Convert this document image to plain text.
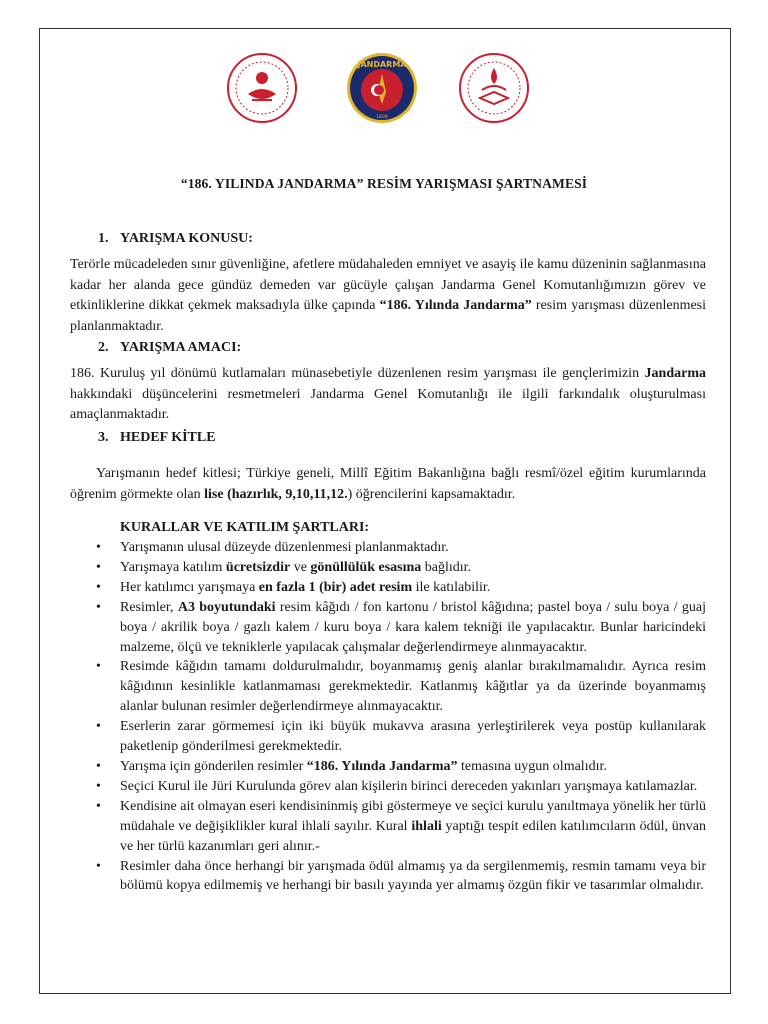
JANDARMA
1839
“186. YILINDA JANDARMA” RESİM YARIŞMASI ŞARTNAMESİ
1. YARIŞMA KONUSU:

Terörle mücadeleden sınır güvenliğine, afetlere müdahaleden emniyet ve asayiş ile kamu düzeninin sağlanmasına kadar her alanda gece gündüz demeden var gücüyle çalışan Jandarma Genel Komutanlığımızın görev ve etkinliklerine dikkat çekmek maksadıyla ülke çapında “186. Yılında Jandarma” resim yarışması düzenlenmesi planlanmaktadır.

2. YARIŞMA AMACI:

186. Kuruluş yıl dönümü kutlamaları münasebetiyle düzenlenen resim yarışması ile gençlerimizin Jandarma hakkındaki düşüncelerini resmetmeleri Jandarma Genel Komutanlığı ile ilgili farkındalık oluşturulması amaçlanmaktadır.

3. HEDEF KİTLE

Yarışmanın hedef kitlesi; Türkiye geneli, Millî Eğitim Bakanlığına bağlı resmî/özel eğitim kurumlarında öğrenim görmekte olan lise (hazırlık, 9,10,11,12.) öğrencilerini kapsamaktadır.

KURALLAR VE KATILIM ŞARTLARI:
• Yarışmanın ulusal düzeyde düzenlenmesi planlanmaktadır.
• Yarışmaya katılım ücretsizdir ve gönüllülük esasına bağlıdır.
• Her katılımcı yarışmaya en fazla 1 (bir) adet resim ile katılabilir.
• Resimler, A3 boyutundaki resim kâğıdı / fon kartonu / bristol kâğıdına; pastel boya / sulu boya / guaj boya / akrilik boya / gazlı kalem / kuru boya / kara kalem tekniği ile yapılacaktır. Bunlar haricindeki malzeme, ölçü ve tekniklerle yapılacak çalışmalar değerlendirmeye alınmayacaktır.
• Resimde kâğıdın tamamı doldurulmalıdır, boyanmamış geniş alanlar bırakılmamalıdır. Ayrıca resim kâğıdının kesinlikle katlanmaması gerekmektedir. Katlanmış kâğıtlar ya da üzerinde boyanmamış alanlar bulunan resimler değerlendirmeye alınmayacaktır.
• Eserlerin zarar görmemesi için iki büyük mukavva arasına yerleştirilerek veya postüp kullanılarak paketlenip gönderilmesi gerekmektedir.
• Yarışma için gönderilen resimler “186. Yılında Jandarma” temasına uygun olmalıdır.
• Seçici Kurul ile Jüri Kurulunda görev alan kişilerin birinci dereceden yakınları yarışmaya katılamazlar.
• Kendisine ait olmayan eseri kendisininmiş gibi göstermeye ve seçici kurulu yanıltmaya yönelik her türlü müdahale ve değişiklikler kural ihlali sayılır. Kural ihlali yaptığı tespit edilen katılımcıların ödül, ünvan ve her türlü kazanımları geri alınır.-
• Resimler daha önce herhangi bir yarışmada ödül almamış ya da sergilenmemiş, resmin tamamı veya bir bölümü kopya edilmemiş ve herhangi bir basılı yayında yer almamış özgün fikir ve tasarımlar olmalıdır.
